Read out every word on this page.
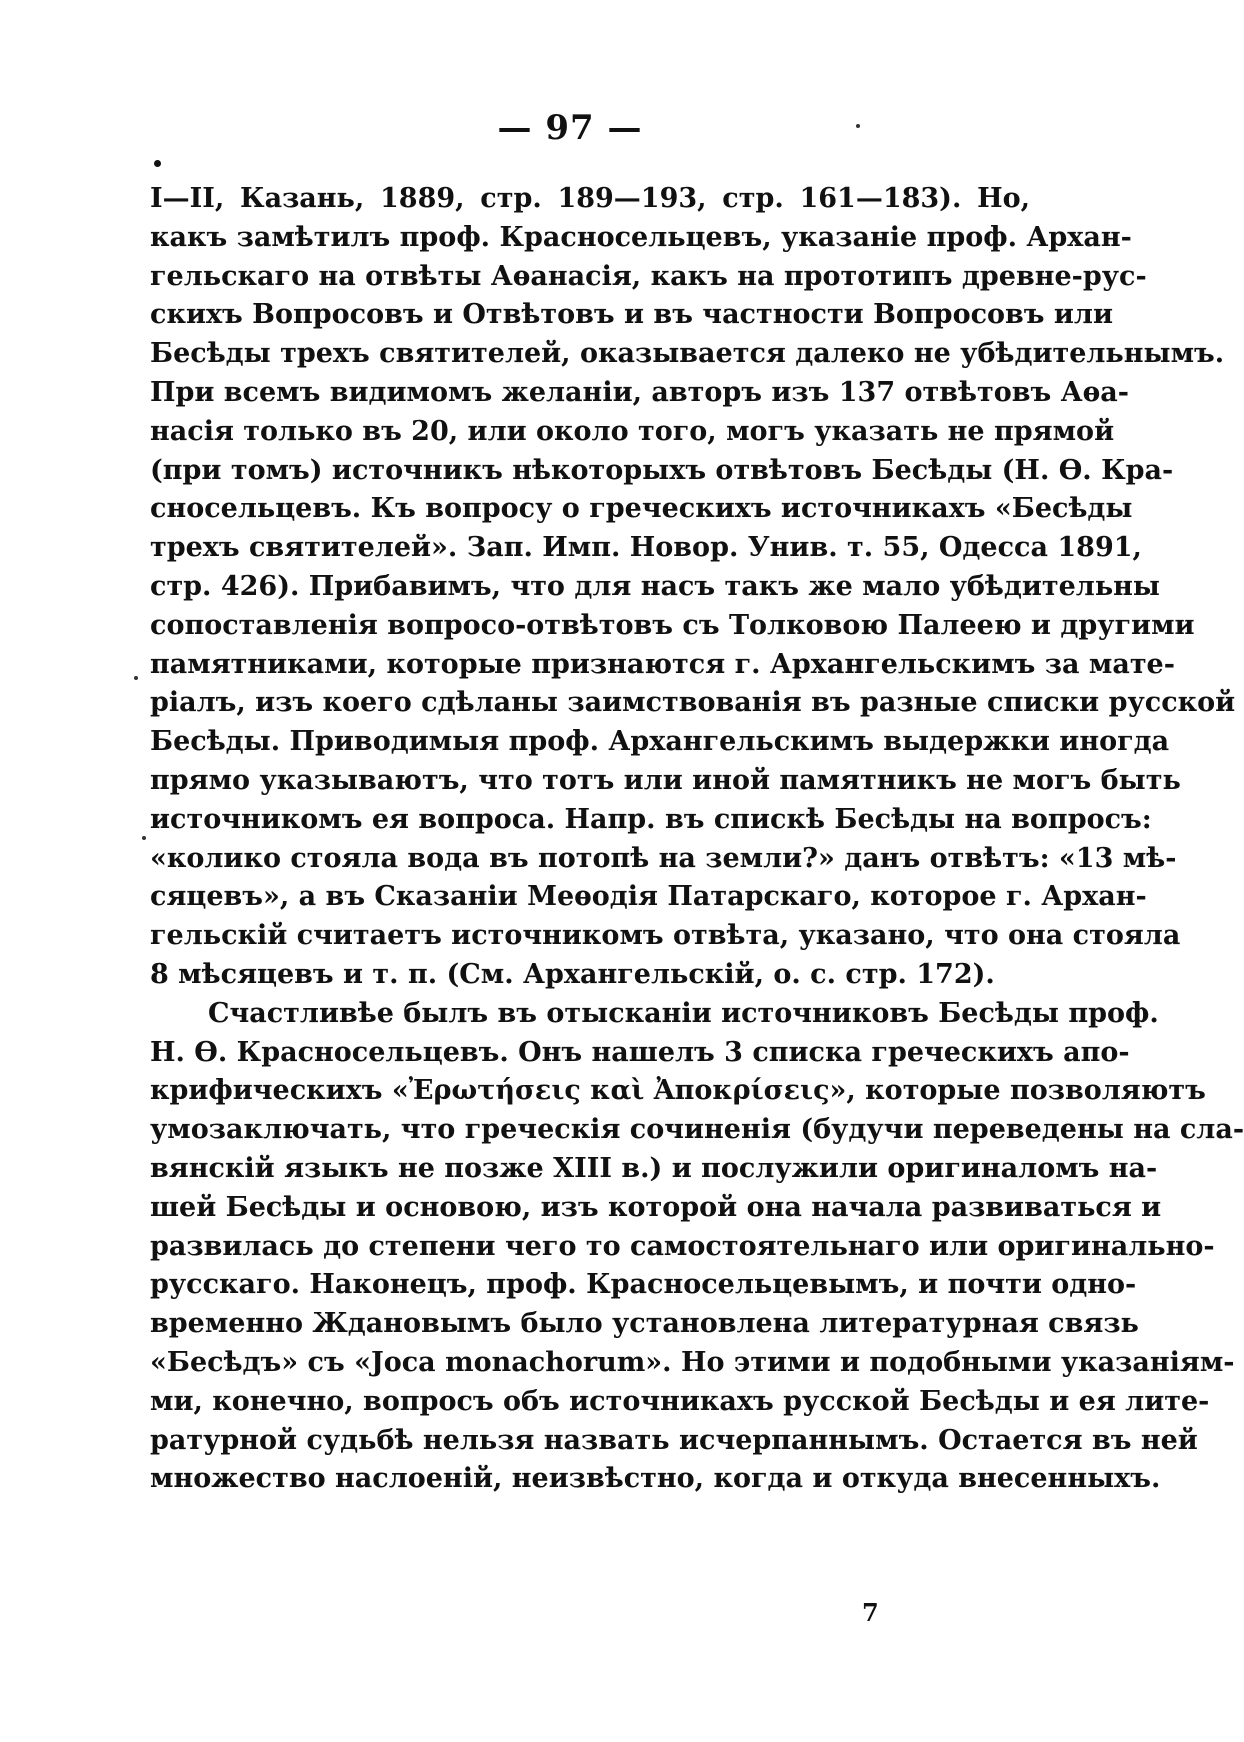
— 97 —
I—II, Казань, 1889, стр. 189—193, стр. 161—183). Но,
какъ замѣтилъ проф. Красносельцевъ, указаніе проф. Архан-
гельскаго на отвѣты Аѳанасія, какъ на прототипъ древне-рус-
скихъ Вопросовъ и Отвѣтовъ и въ частности Вопросовъ или
Бесѣды трехъ святителей, оказывается далеко не убѣдительнымъ.
При всемъ видимомъ желаніи, авторъ изъ 137 отвѣтовъ Аѳа-
насія только въ 20, или около того, могъ указать не прямой
(при томъ) источникъ нѣкоторыхъ отвѣтовъ Бесѣды (Н. Ѳ. Кра-
сносельцевъ. Къ вопросу о греческихъ источникахъ «Бесѣды
трехъ святителей». Зап. Имп. Новор. Унив. т. 55, Одесса 1891,
стр. 426). Прибавимъ, что для насъ такъ же мало убѣдительны
сопоставленія вопросо-отвѣтовъ съ Толковою Палеею и другими
памятниками, которые признаются г. Архангельскимъ за мате-
ріалъ, изъ коего сдѣланы заимствованія въ разные списки русской
Бесѣды. Приводимыя проф. Архангельскимъ выдержки иногда
прямо указываютъ, что тотъ или иной памятникъ не могъ быть
источникомъ ея вопроса. Напр. въ спискѣ Бесѣды на вопросъ:
«колико стояла вода въ потопѣ на земли?» данъ отвѣтъ: «13 мѣ-
сяцевъ», а въ Сказаніи Меѳодія Патарскаго, которое г. Архан-
гельскій считаетъ источникомъ отвѣта, указано, что она стояла
8 мѣсяцевъ и т. п. (См. Архангельскій, о. с. стр. 172).
Счастливѣе былъ въ отысканіи источниковъ Бесѣды проф.
Н. Ѳ. Красносельцевъ. Онъ нашелъ 3 списка греческихъ апо-
крифическихъ «Ἐρωτήσεις καὶ Ἀποκρίσεις», которые позволяютъ
умозаключать, что греческія сочиненія (будучи переведены на сла-
вянскій языкъ не позже XIII в.) и послужили оригиналомъ на-
шей Бесѣды и основою, изъ которой она начала развиваться и
развилась до степени чего то самостоятельнаго или оригинально-
русскаго. Наконецъ, проф. Красносельцевымъ, и почти одно-
временно Ждановымъ было установлена литературная связь
«Бесѣдъ» съ «Joca monachorum». Но этими и подобными указаніям-
ми, конечно, вопросъ объ источникахъ русской Бесѣды и ея лите-
ратурной судьбѣ нельзя назвать исчерпаннымъ. Остается въ ней
множество наслоеній, неизвѣстно, когда и откуда внесенныхъ.
7
